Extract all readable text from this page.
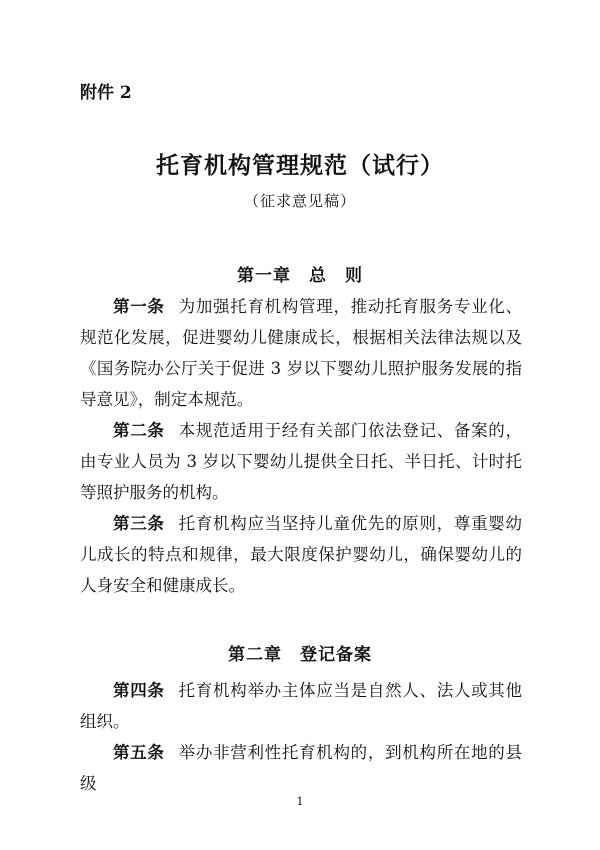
附件 2
托育机构管理规范（试行）
（征求意见稿）
第一章 总　则

第一条 为加强托育机构管理，推动托育服务专业化、规范化发展，促进婴幼儿健康成长，根据相关法律法规以及《国务院办公厅关于促进 3 岁以下婴幼儿照护服务发展的指导意见》，制定本规范。

第二条 本规范适用于经有关部门依法登记、备案的，由专业人员为 3 岁以下婴幼儿提供全日托、半日托、计时托等照护服务的机构。

第三条 托育机构应当坚持儿童优先的原则，尊重婴幼儿成长的特点和规律，最大限度保护婴幼儿，确保婴幼儿的人身安全和健康成长。

第二章 登记备案

第四条 托育机构举办主体应当是自然人、法人或其他组织。

第五条 举办非营利性托育机构的，到机构所在地的县级

1
